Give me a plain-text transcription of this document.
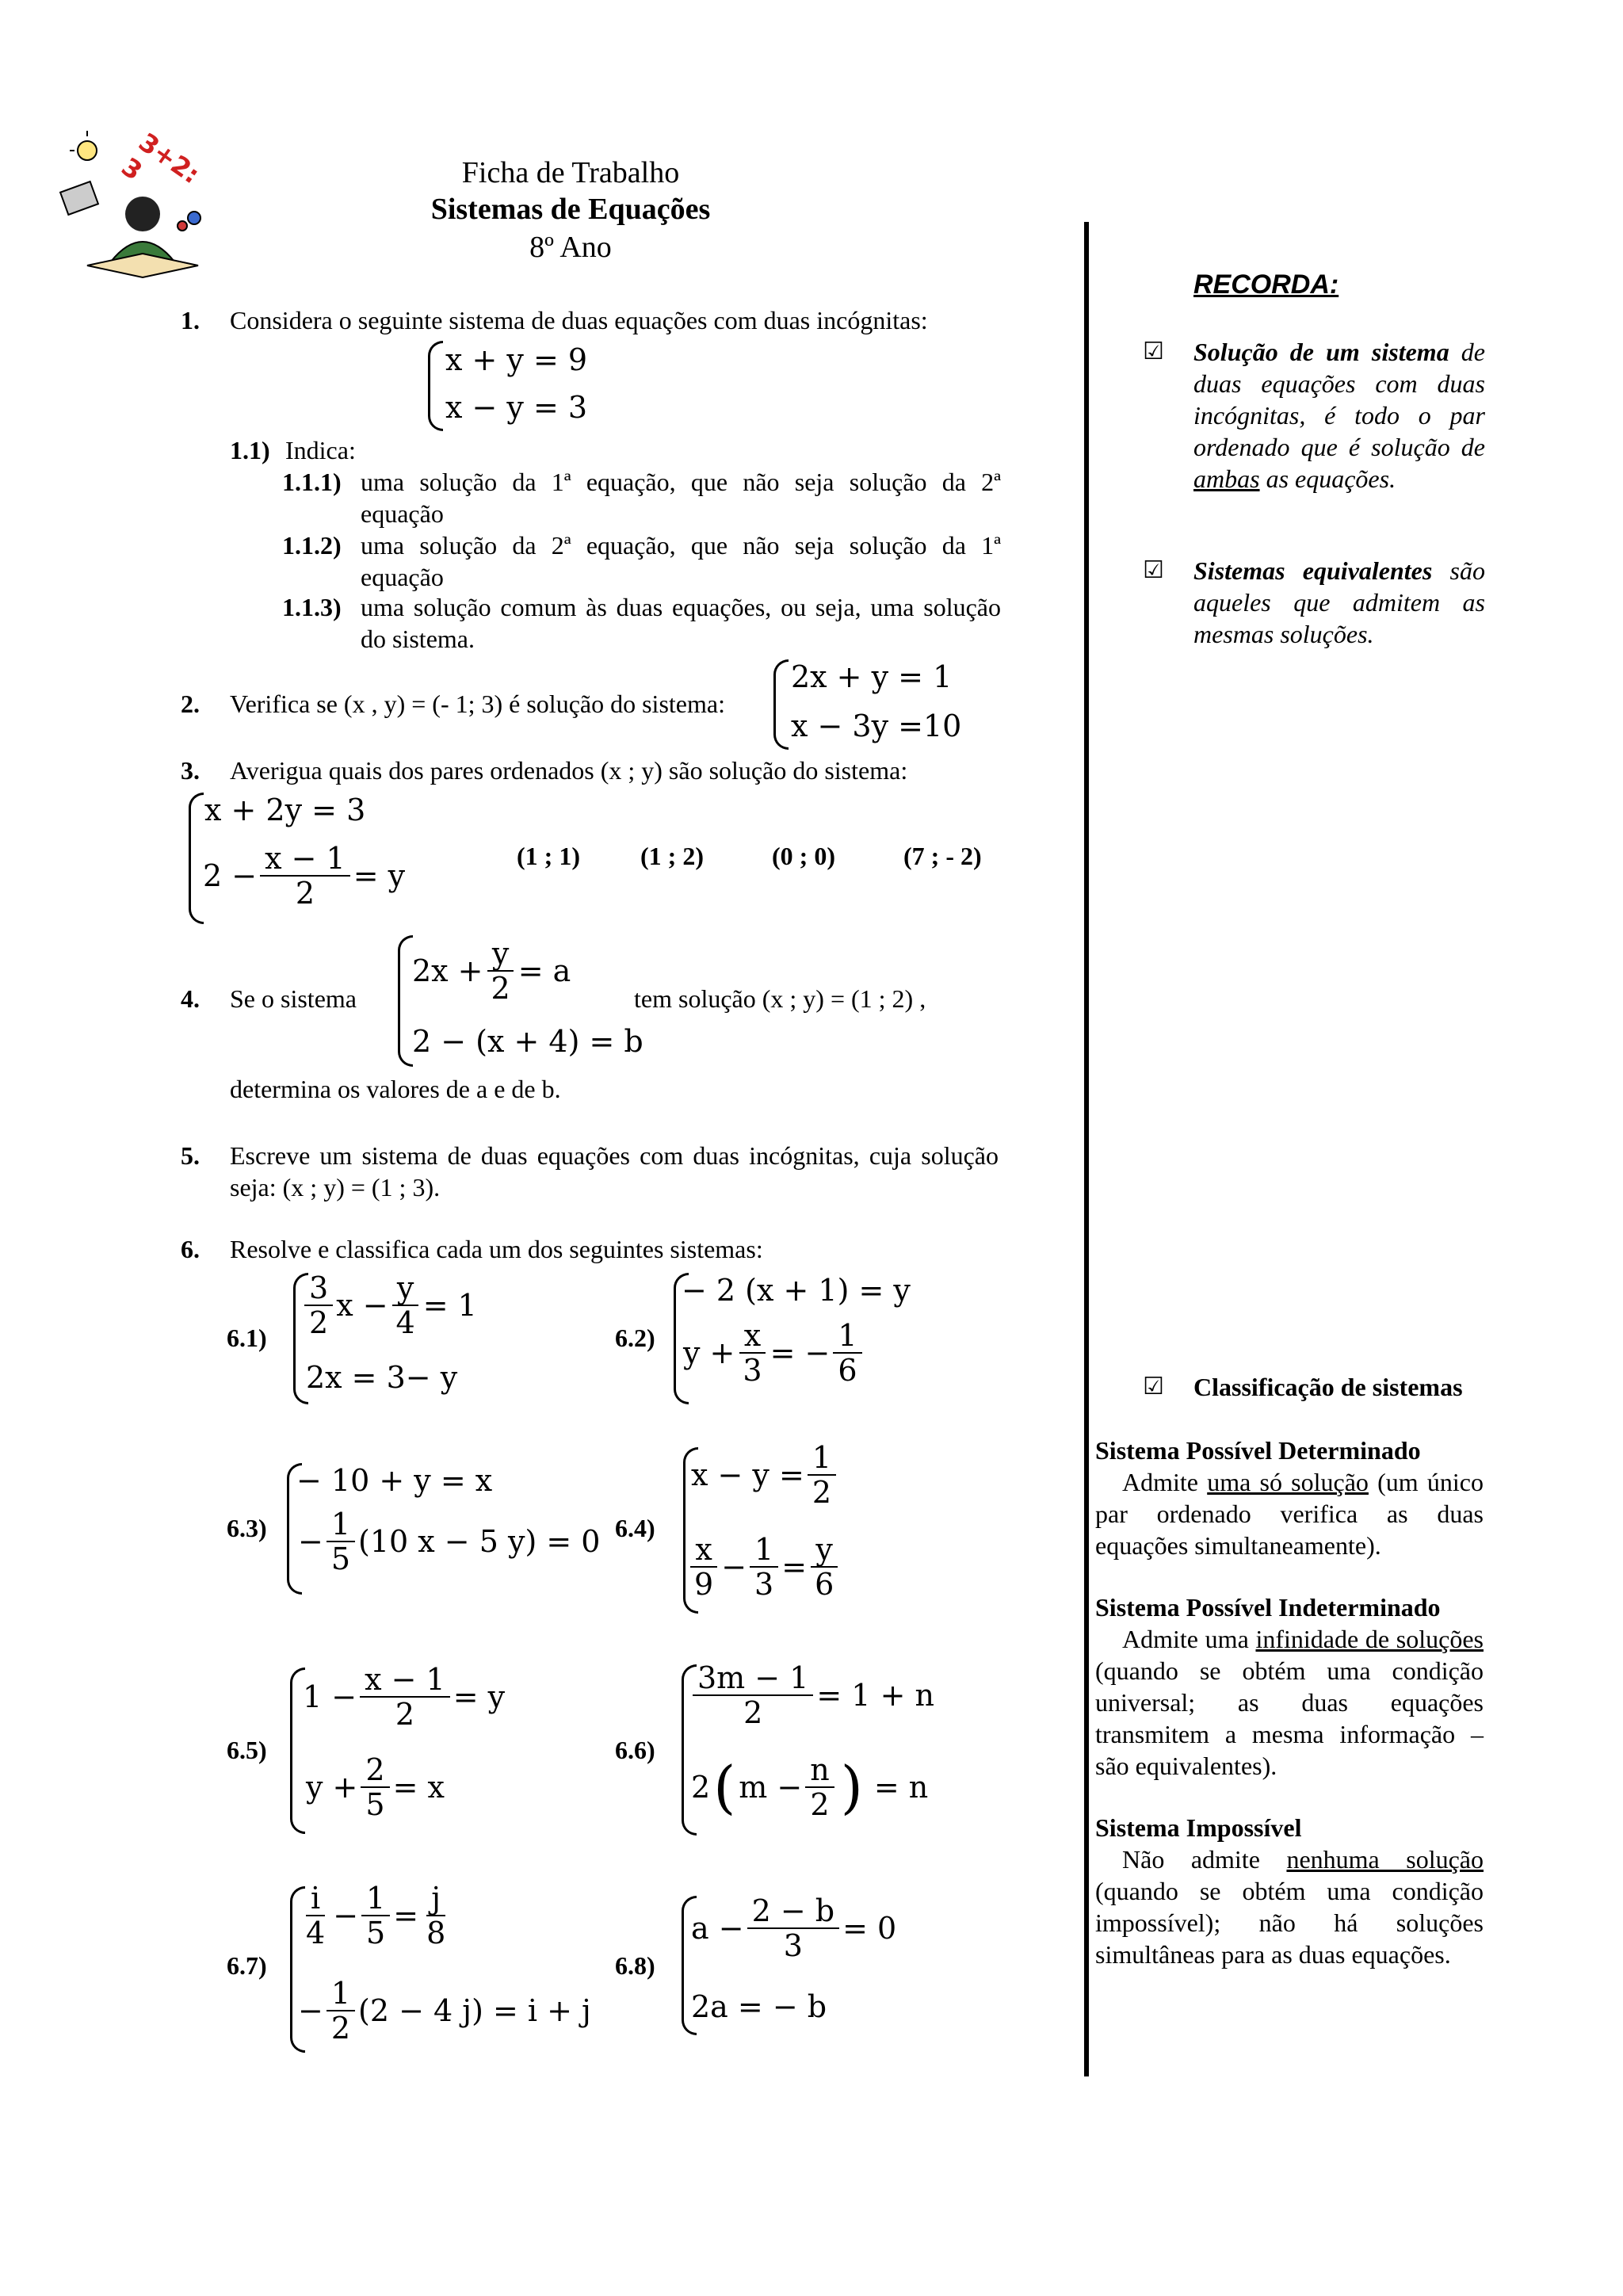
3+2: 3	Ficha de Trabalho
Sistemas de Equações
8º Ano
1. Considera o seguinte sistema de duas equações com duas incógnitas:
x + y = 9
x − y = 3
1.1) Indica:
1.1.1) uma solução da 1ª equação, que não seja solução da 2ª equação
1.1.2) uma solução da 2ª equação, que não seja solução da 1ª equação
1.1.3) uma solução comum às duas equações, ou seja, uma solução do sistema.
2. Verifica se (x , y) = (- 1; 3) é solução do sistema:
2x + y = 1
x − 3y =10
3. Averigua quais dos pares ordenados (x ; y) são solução do sistema:
x + 2y = 3
$2 - \frac{x - 1}{2} = y$
(1 ; 1) (1 ; 2)	(0 ; 0)	(7 ; - 2)
4. Se o sistema
$2x + \frac{y}{2} = a$
2 − (x + 4) = b
tem solução (x ; y) = (1 ; 2) ,
determina os valores de a e de b.
5. Escreve um sistema de duas equações com duas incógnitas, cuja solução seja: (x ; y) = (1 ; 3).
6. Resolve e classifica cada um dos seguintes sistemas:
$6.1) \frac{3}{2}$ $x - \frac{y}{4} = 1$
2x = 3− y
6.2)
− 2 (x + 1) = y
$y + \frac{x}{3}$ = − $\frac{1}{6}$
6.3)
− 10 + y = x
− $\frac{1}{5} (10$ x − 5 y) = 0 6.4)
$x - y = \frac{1}{2}$
$\frac{x}{9} - \frac{1}{3} = \frac{y}{6}$
6.5)
$1 - \frac{x - 1}{2} = y$
$y + \frac{2}{5} = x$
6.6)
$\frac{3m - 1}{2} = 1 + n$
2 ( $m - \frac{n}{2}$ ) = n
6.7)
$\frac{i}{4} - \frac{1}{5} = \frac{j}{8}$
− $\frac{1}{2} (2 - 4$ j) = i + j
6.8)
$a - \frac{2 - b}{3} = 0$
2a = − b
RECORDA:
☑ Solução de um sistema de duas equações com duas incógnitas, é todo o par ordenado que é solução de ambas as equações.
☑ Sistemas equivalentes são aqueles que admitem as mesmas soluções.
☑ Classificação de sistemas
Sistema Possível Determinado
Admite uma só solução (um único par ordenado verifica as duas equações simultaneamente).
Sistema Possível Indeterminado
Admite uma infinidade de soluções (quando se obtém uma condição universal; as duas equações transmitem a mesma informação – são equivalentes).
Sistema Impossível
Não admite nenhuma solução (quando se obtém uma condição impossível); não há soluções simultâneas para as duas equações.
